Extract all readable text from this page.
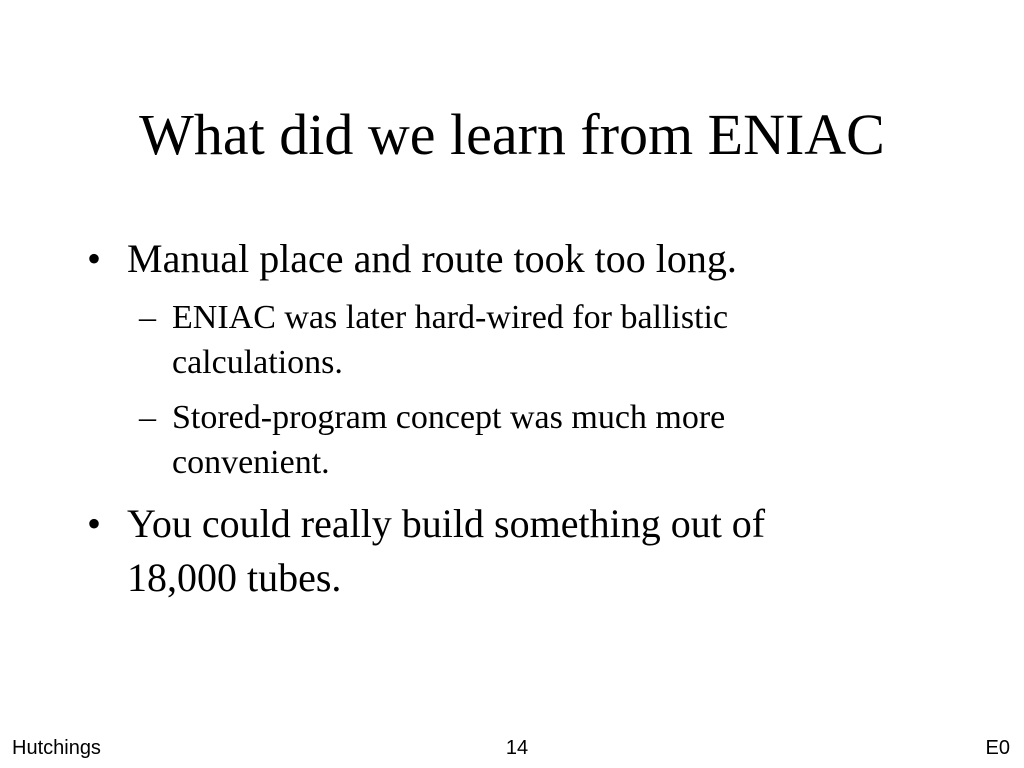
What did we learn from ENIAC
• Manual place and route took too long.
– ENIAC was later hard-wired for ballistic calculations.
– Stored-program concept was much more convenient.
• You could really build something out of 18,000 tubes.
Hutchings	14	E0
